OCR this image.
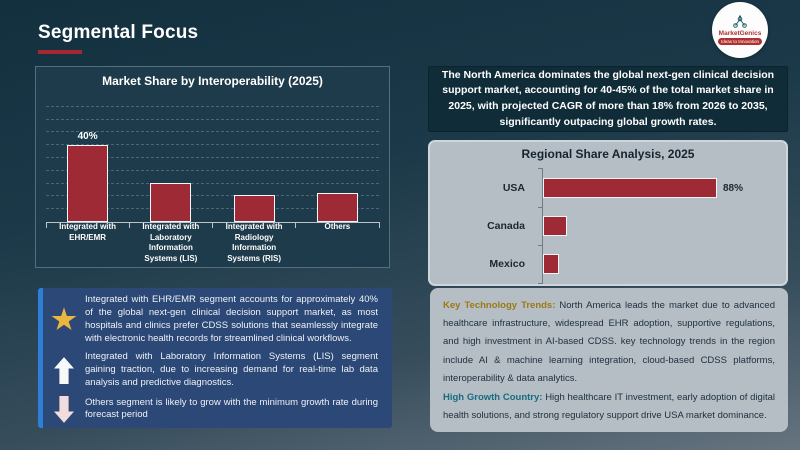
Segmental Focus	MarketGenics
Ideas to Innovation
Market Share by Interoperability (2025)
40%
Integrated with EHR/EMR
Integrated with Laboratory Information Systems (LIS)
Integrated with Radiology Information Systems (RIS)
Others

The North America dominates the global next-gen clinical decision support market, accounting for 40-45% of the total market share in 2025, with projected CAGR of more than 18% from 2026 to 2035, significantly outpacing global growth rates.

Regional Share Analysis, 2025
USA	88%
Canada
Mexico
Integrated with EHR/EMR segment accounts for approximately 40% of the global next-gen clinical decision support market, as most hospitals and clinics prefer CDSS solutions that seamlessly integrate with electronic health records for streamlined clinical workflows.
Integrated with Laboratory Information Systems (LIS) segment gaining traction, due to increasing demand for real-time lab data analysis and predictive diagnostics.
Others segment is likely to grow with the minimum growth rate during forecast period

Key Technology Trends: North America leads the market due to advanced healthcare infrastructure, widespread EHR adoption, supportive regulations, and high investment in AI-based CDSS. key technology trends in the region include AI & machine learning integration, cloud-based CDSS platforms, interoperability & data analytics.

High Growth Country: High healthcare IT investment, early adoption of digital health solutions, and strong regulatory support drive USA market dominance.
